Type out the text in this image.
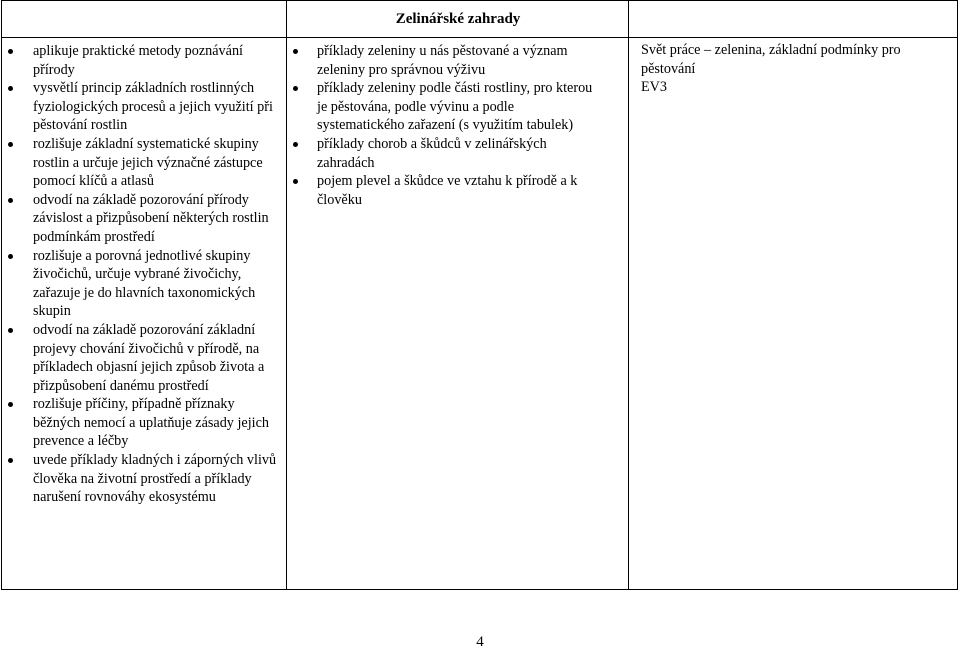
Zelinářské zahrady
aplikuje praktické metody poznávání přírody
vysvětlí princip základních rostlinných fyziologických procesů a jejich využití při pěstování rostlin
rozlišuje základní systematické skupiny rostlin a určuje jejich význačné zástupce pomocí klíčů a atlasů
odvodí na základě pozorování přírody závislost a přizpůsobení některých rostlin podmínkám prostředí
rozlišuje a porovná jednotlivé skupiny živočichů, určuje vybrané živočichy, zařazuje je do hlavních taxonomických skupin
odvodí na základě pozorování základní projevy chování živočichů v přírodě, na příkladech objasní jejich způsob života a přizpůsobení danému prostředí
rozlišuje příčiny, případně příznaky běžných nemocí a uplatňuje zásady jejich prevence a léčby
uvede příklady kladných i záporných vlivů člověka na životní prostředí a příklady narušení rovnováhy ekosystému
příklady zeleniny u nás pěstované a význam zeleniny pro správnou výživu
příklady zeleniny podle části rostliny, pro kterou je pěstována, podle vývinu a podle systematického zařazení (s využitím tabulek)
příklady chorob a škůdců v zelinářských zahradách
pojem plevel a škůdce ve vztahu k přírodě a k člověku

Svět práce – zelenina, základní podmínky pro pěstování

EV3

4
